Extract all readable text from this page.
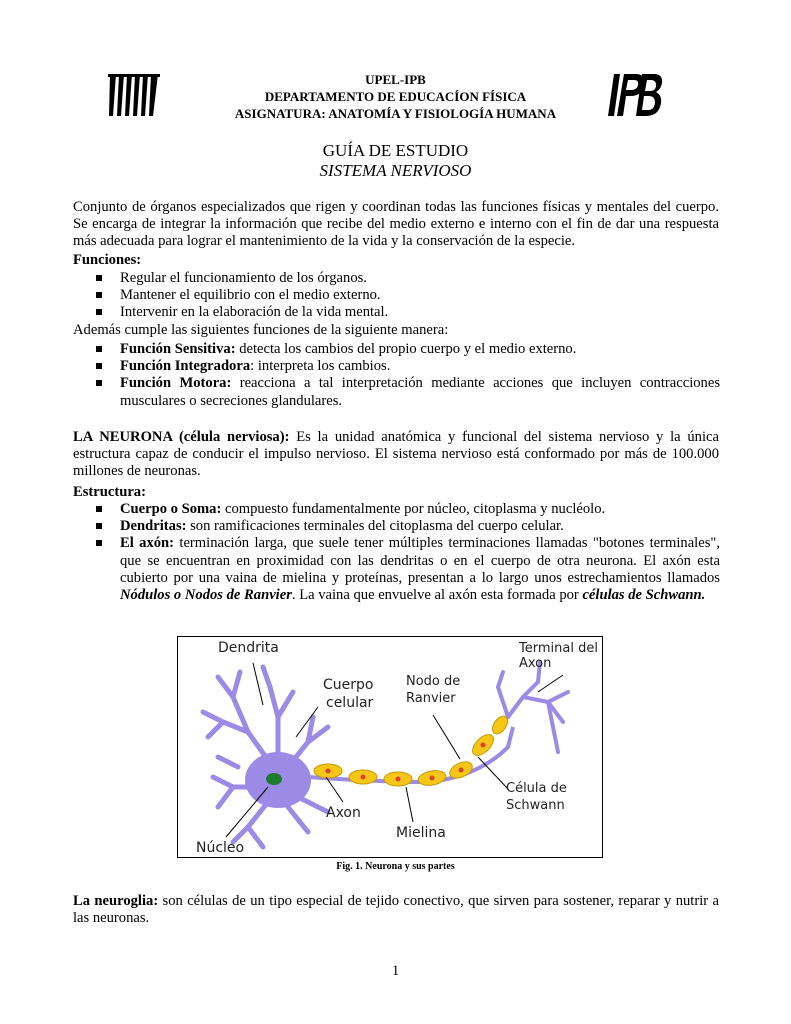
UPEL-IPB
DEPARTAMENTO DE EDUCACÍON FÍSICA
ASIGNATURA: ANATOMÍA Y FISIOLOGÍA HUMANA
GUÍA DE ESTUDIO
SISTEMA NERVIOSO
Conjunto de órganos especializados que rigen y coordinan todas las funciones físicas y mentales del cuerpo. Se encarga de integrar la información que recibe del medio externo e interno con el fin de dar una respuesta más adecuada para lograr el mantenimiento de la vida y la conservación de la especie.
Funciones:
Regular el funcionamiento de los órganos.
Mantener el equilibrio con el medio externo.
Intervenir en la elaboración de la vida mental.
Además cumple las siguientes funciones de la siguiente manera:
Función Sensitiva: detecta los cambios del propio cuerpo y el medio externo.
Función Integradora: interpreta los cambios.
Función Motora: reacciona a tal interpretación mediante acciones que incluyen contracciones musculares o secreciones glandulares.
LA NEURONA (célula nerviosa): Es la unidad anatómica y funcional del sistema nervioso y la única estructura capaz de conducir el impulso nervioso. El sistema nervioso está conformado por más de 100.000 millones de neuronas.
Estructura:
Cuerpo o Soma: compuesto fundamentalmente por núcleo, citoplasma y nucléolo.
Dendritas: son ramificaciones terminales del citoplasma del cuerpo celular.
El axón: terminación larga, que suele tener múltiples terminaciones llamadas "botones terminales", que se encuentran en proximidad con las dendritas o en el cuerpo de otra neurona. El axón esta cubierto por una vaina de mielina y proteínas, presentan a lo largo unos estrechamientos llamados Nódulos o Nodos de Ranvier. La vaina que envuelve al axón esta formada por células de Schwann.
Dendrita
Cuerpo
celular
Nodo de
Ranvier
Terminal del
Axon
Axon
Núcleo
Mielina
Célula de
Schwann
Fig. 1. Neurona y sus partes
La neuroglia: son células de un tipo especial de tejido conectivo, que sirven para sostener, reparar y nutrir a las neuronas.
1
